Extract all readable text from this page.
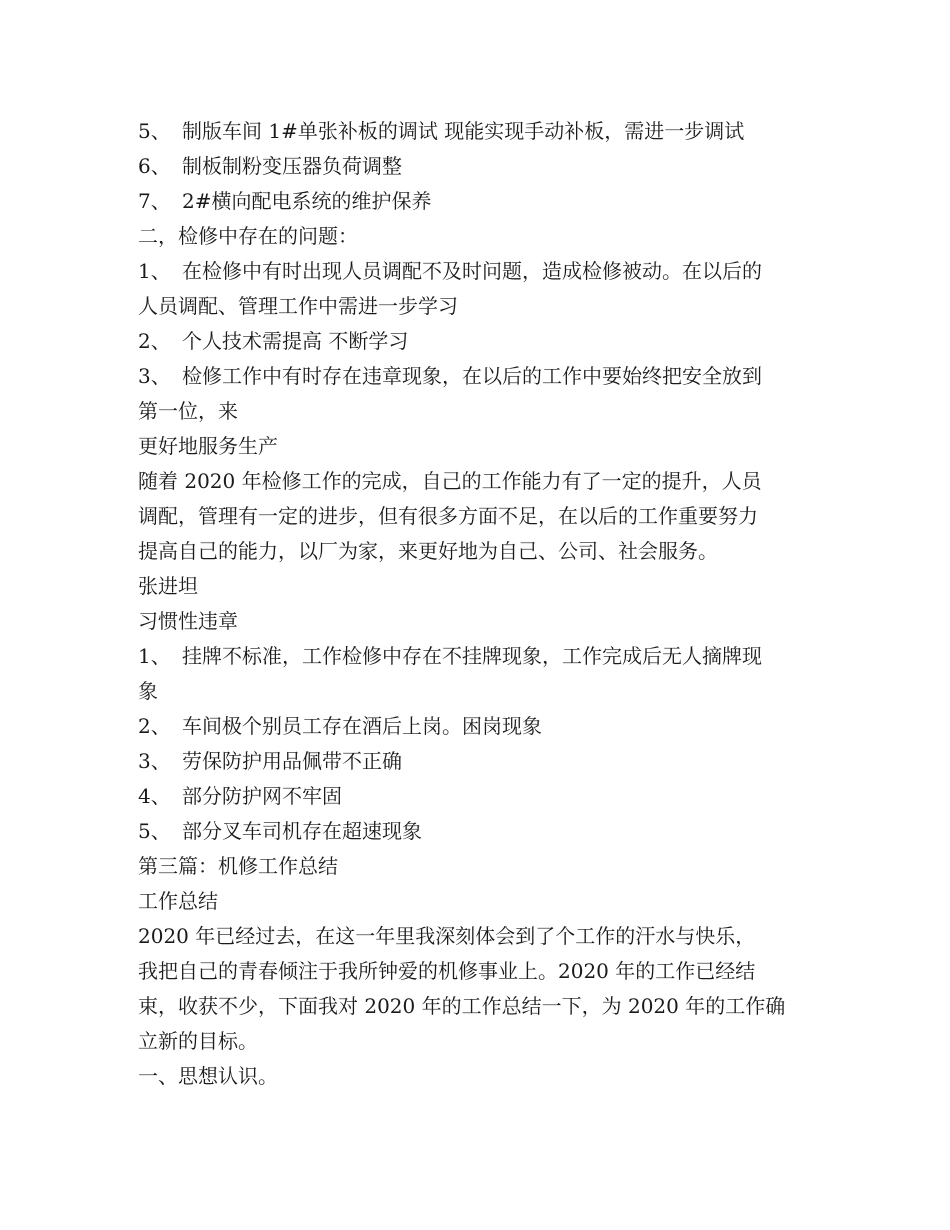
5、 制版车间 1#单张补板的调试 现能实现手动补板，需进一步调试
6、 制板制粉变压器负荷调整
7、 2#横向配电系统的维护保养
二，检修中存在的问题：
1、 在检修中有时出现人员调配不及时问题，造成检修被动。在以后的
人员调配、管理工作中需进一步学习
2、 个人技术需提高 不断学习
3、 检修工作中有时存在违章现象，在以后的工作中要始终把安全放到
第一位，来
更好地服务生产
随着 2020 年检修工作的完成，自己的工作能力有了一定的提升，人员
调配，管理有一定的进步，但有很多方面不足，在以后的工作重要努力
提高自己的能力，以厂为家，来更好地为自己、公司、社会服务。
张进坦
习惯性违章
1、 挂牌不标准，工作检修中存在不挂牌现象，工作完成后无人摘牌现
象
2、 车间极个别员工存在酒后上岗。困岗现象
3、 劳保防护用品佩带不正确
4、 部分防护网不牢固
5、 部分叉车司机存在超速现象
第三篇：机修工作总结
工作总结
2020 年已经过去，在这一年里我深刻体会到了个工作的汗水与快乐，
我把自己的青春倾注于我所钟爱的机修事业上。2020 年的工作已经结
束，收获不少，下面我对 2020 年的工作总结一下，为 2020 年的工作确
立新的目标。
一、思想认识。
